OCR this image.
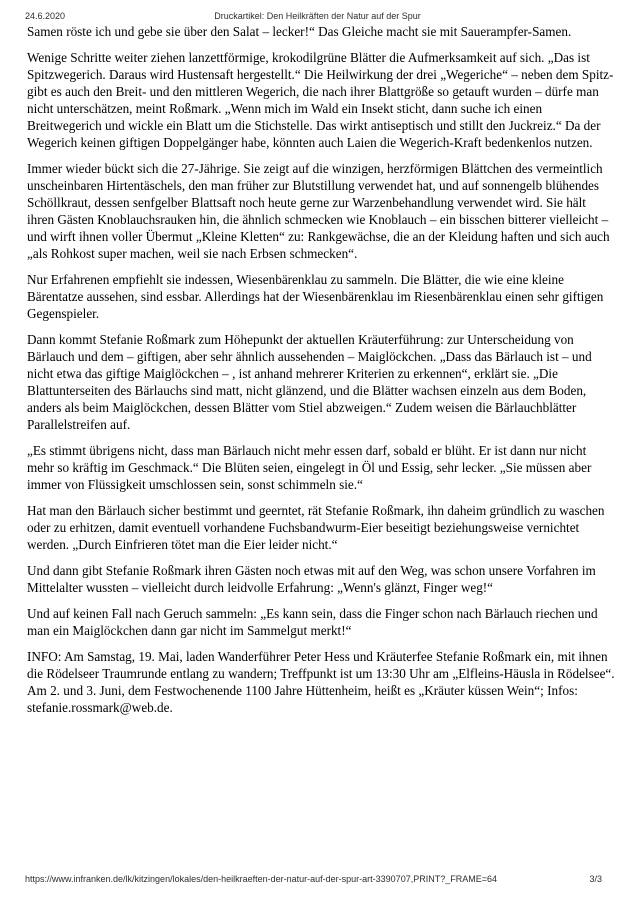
24.6.2020	Druckartikel: Den Heilkräften der Natur auf der Spur

Samen röste ich und gebe sie über den Salat – lecker!“ Das Gleiche macht sie mit Sauerampfer-Samen.

Wenige Schritte weiter ziehen lanzettförmige, krokodilgrüne Blätter die Aufmerksamkeit auf sich. „Das ist Spitzwegerich. Daraus wird Hustensaft hergestellt.“ Die Heilwirkung der drei „Wegeriche“ – neben dem Spitz- gibt es auch den Breit- und den mittleren Wegerich, die nach ihrer Blattgröße so getauft wurden – dürfe man nicht unterschätzen, meint Roßmark. „Wenn mich im Wald ein Insekt sticht, dann suche ich einen Breitwegerich und wickle ein Blatt um die Stichstelle. Das wirkt antiseptisch und stillt den Juckreiz.“ Da der Wegerich keinen giftigen Doppelgänger habe, könnten auch Laien die Wegerich-Kraft bedenkenlos nutzen.

Immer wieder bückt sich die 27-Jährige. Sie zeigt auf die winzigen, herzförmigen Blättchen des vermeintlich unscheinbaren Hirtentäschels, den man früher zur Blutstillung verwendet hat, und auf sonnengelb blühendes Schöllkraut, dessen senfgelber Blattsaft noch heute gerne zur Warzenbehandlung verwendet wird. Sie hält ihren Gästen Knoblauchsrauken hin, die ähnlich schmecken wie Knoblauch – ein bisschen bitterer vielleicht – und wirft ihnen voller Übermut „Kleine Kletten“ zu: Rankgewächse, die an der Kleidung haften und sich auch „als Rohkost super machen, weil sie nach Erbsen schmecken“.

Nur Erfahrenen empfiehlt sie indessen, Wiesenbärenklau zu sammeln. Die Blätter, die wie eine kleine Bärentatze aussehen, sind essbar. Allerdings hat der Wiesenbärenklau im Riesenbärenklau einen sehr giftigen Gegenspieler.

Dann kommt Stefanie Roßmark zum Höhepunkt der aktuellen Kräuterführung: zur Unterscheidung von Bärlauch und dem – giftigen, aber sehr ähnlich aussehenden – Maiglöckchen. „Dass das Bärlauch ist – und nicht etwa das giftige Maiglöckchen – , ist anhand mehrerer Kriterien zu erkennen“, erklärt sie. „Die Blattunterseiten des Bärlauchs sind matt, nicht glänzend, und die Blätter wachsen einzeln aus dem Boden, anders als beim Maiglöckchen, dessen Blätter vom Stiel abzweigen.“ Zudem weisen die Bärlauchblätter Parallelstreifen auf.

„Es stimmt übrigens nicht, dass man Bärlauch nicht mehr essen darf, sobald er blüht. Er ist dann nur nicht mehr so kräftig im Geschmack.“ Die Blüten seien, eingelegt in Öl und Essig, sehr lecker. „Sie müssen aber immer von Flüssigkeit umschlossen sein, sonst schimmeln sie.“

Hat man den Bärlauch sicher bestimmt und geerntet, rät Stefanie Roßmark, ihn daheim gründlich zu waschen oder zu erhitzen, damit eventuell vorhandene Fuchsbandwurm-Eier beseitigt beziehungsweise vernichtet werden. „Durch Einfrieren tötet man die Eier leider nicht.“

Und dann gibt Stefanie Roßmark ihren Gästen noch etwas mit auf den Weg, was schon unsere Vorfahren im Mittelalter wussten – vielleicht durch leidvolle Erfahrung: „Wenn's glänzt, Finger weg!“

Und auf keinen Fall nach Geruch sammeln: „Es kann sein, dass die Finger schon nach Bärlauch riechen und man ein Maiglöckchen dann gar nicht im Sammelgut merkt!“

INFO: Am Samstag, 19. Mai, laden Wanderführer Peter Hess und Kräuterfee Stefanie Roßmark ein, mit ihnen die Rödelseer Traumrunde entlang zu wandern; Treffpunkt ist um 13:30 Uhr am „Elfleins-Häusla in Rödelsee“. Am 2. und 3. Juni, dem Festwochenende 1100 Jahre Hüttenheim, heißt es „Kräuter küssen Wein“; Infos: stefanie.rossmark@web.de.

https://www.infranken.de/lk/kitzingen/lokales/den-heilkraeften-der-natur-auf-der-spur-art-3390707,PRINT?_FRAME=64	3/3
